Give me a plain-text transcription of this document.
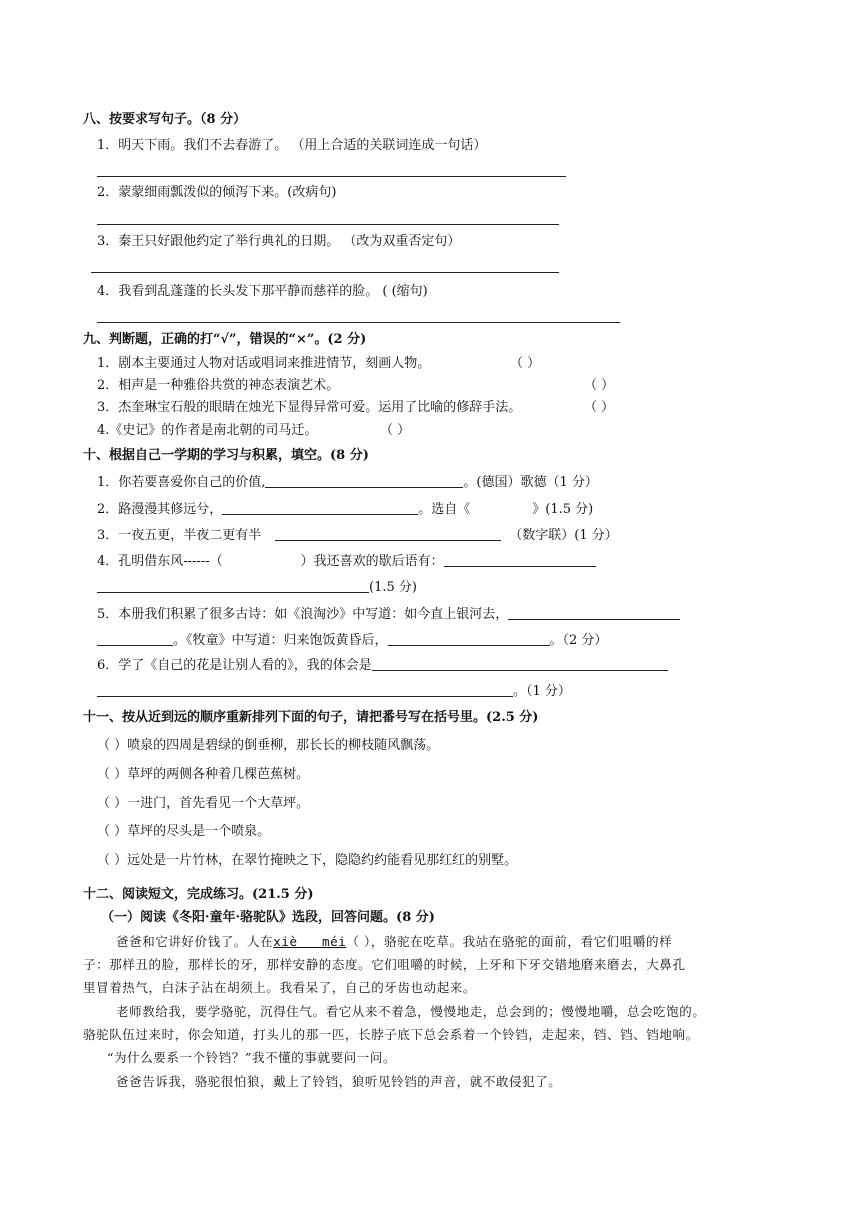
八、按要求写句子。（8 分）
1．明天下雨。我们不去春游了。 （用上合适的关联词连成一句话）
2．蒙蒙细雨瓢泼似的倾泻下来。(改病句)
3．秦王只好跟他约定了举行典礼的日期。 （改为双重否定句）
4．我看到乱蓬蓬的长头发下那平静而慈祥的脸。 ( (缩句)
九、判断题，正确的打“√”，错误的“×”。(2 分)
1．剧本主要通过人物对话或唱词来推进情节，刻画人物。	（ ）
2．相声是一种雅俗共赏的神态表演艺术。	（ ）
3．杰奎琳宝石般的眼睛在烛光下显得异常可爱。运用了比喻的修辞手法。	（ ）
4.《史记》的作者是南北朝的司马迁。	（ ）
十、根据自己一学期的学习与积累，填空。(8 分)
1．你若要喜爱你自己的价值,	。(德国）歌德（1 分）
2．路漫漫其修远兮，	。选自《	》(1.5 分)
3．一夜五更，半夜二更有半	（数字联）(1 分）
4．孔明借东风------（	）我还喜欢的歇后语有：
(1.5 分)
5．本册我们积累了很多古诗：如《浪淘沙》中写道：如今直上银河去，
。《牧童》中写道：归来饱饭黄昏后，	。（2 分）
6．学了《自己的花是让别人看的》，我的体会是
。（1 分）
十一、按从近到远的顺序重新排列下面的句子，请把番号写在括号里。(2.5 分)
（ ）喷泉的四周是碧绿的倒垂柳，那长长的柳枝随风飘荡。
（ ）草坪的两侧各种着几棵芭蕉树。
（ ）一进门，首先看见一个大草坪。
（ ）草坪的尽头是一个喷泉。
（ ）远处是一片竹林，在翠竹掩映之下，隐隐约约能看见那红红的别墅。
十二、阅读短文，完成练习。(21.5 分)
（一）阅读《冬阳·童年·骆驼队》选段，回答问题。(8 分)
爸爸和它讲好价钱了。人在xiè   méi（ ），骆驼在吃草。我站在骆驼的面前，看它们咀嚼的样
子：那样丑的脸，那样长的牙，那样安静的态度。它们咀嚼的时候，上牙和下牙交错地磨来磨去，大鼻孔
里冒着热气，白沫子沾在胡须上。我看呆了，自己的牙齿也动起来。
老师教给我，要学骆驼，沉得住气。看它从来不着急，慢慢地走，总会到的；慢慢地嚼，总会吃饱的。
骆驼队伍过来时，你会知道，打头儿的那一匹，长脖子底下总会系着一个铃铛，走起来，铛、铛、铛地响。
“为什么要系一个铃铛？”我不懂的事就要问一问。
爸爸告诉我，骆驼很怕狼，戴上了铃铛，狼听见铃铛的声音，就不敢侵犯了。
